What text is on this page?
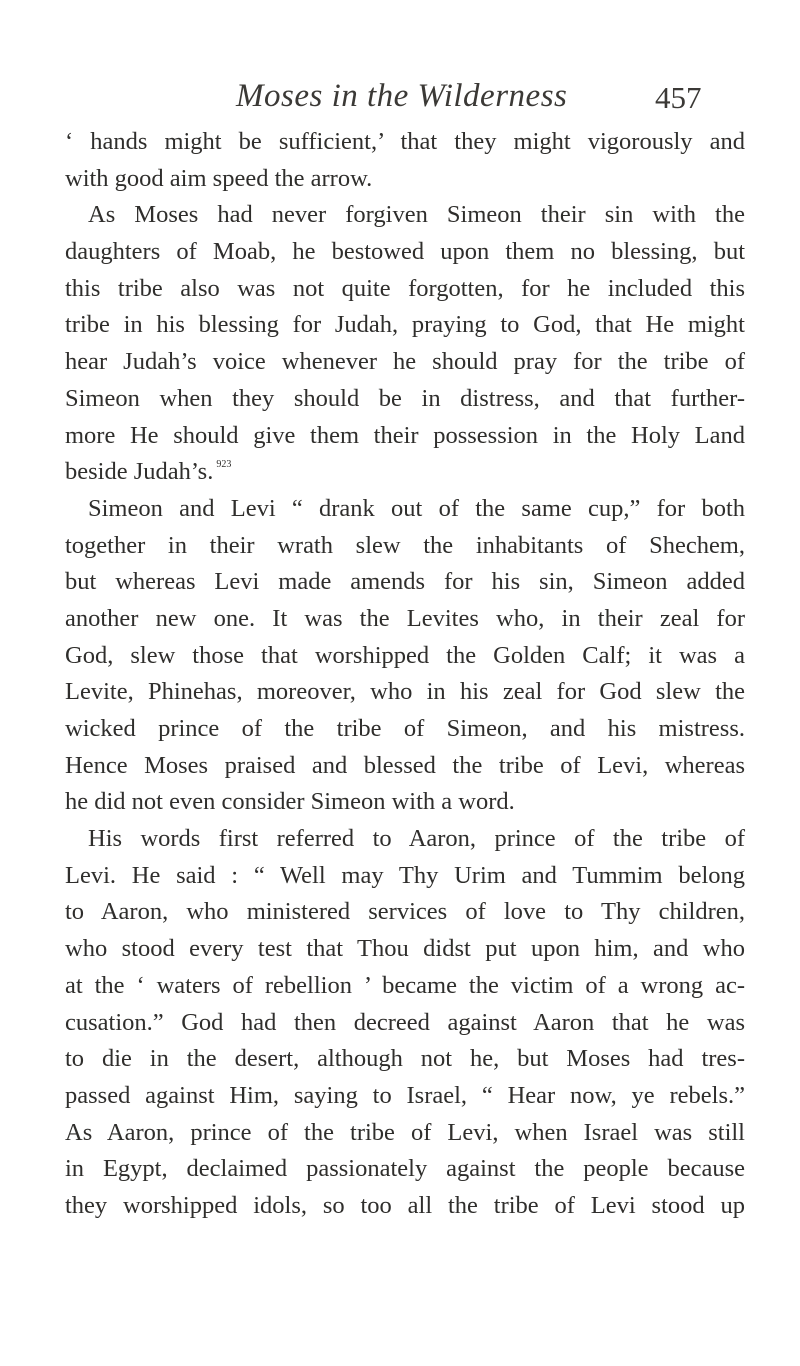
Moses in the Wilderness	457
‘ hands might be sufficient,’ that they might vigorously and
with good aim speed the arrow.
As Moses had never forgiven Simeon their sin with the
daughters of Moab, he bestowed upon them no blessing, but
this tribe also was not quite forgotten, for he included this
tribe in his blessing for Judah, praying to God, that He might
hear Judah’s voice whenever he should pray for the tribe of
Simeon when they should be in distress, and that further-
more He should give them their possession in the Holy Land
beside Judah’s. $^{923}$
Simeon and Levi “ drank out of the same cup,” for both
together in their wrath slew the inhabitants of Shechem,
but whereas Levi made amends for his sin, Simeon added
another new one. It was the Levites who, in their zeal for
God, slew those that worshipped the Golden Calf; it was a
Levite, Phinehas, moreover, who in his zeal for God slew the
wicked prince of the tribe of Simeon, and his mistress.
Hence Moses praised and blessed the tribe of Levi, whereas
he did not even consider Simeon with a word.
His words first referred to Aaron, prince of the tribe of
Levi. He said : “ Well may Thy Urim and Tummim belong
to Aaron, who ministered services of love to Thy children,
who stood every test that Thou didst put upon him, and who
at the ‘ waters of rebellion ’ became the victim of a wrong ac-
cusation.” God had then decreed against Aaron that he was
to die in the desert, although not he, but Moses had tres-
passed against Him, saying to Israel, “ Hear now, ye rebels.”
As Aaron, prince of the tribe of Levi, when Israel was still
in Egypt, declaimed passionately against the people because
they worshipped idols, so too all the tribe of Levi stood up
